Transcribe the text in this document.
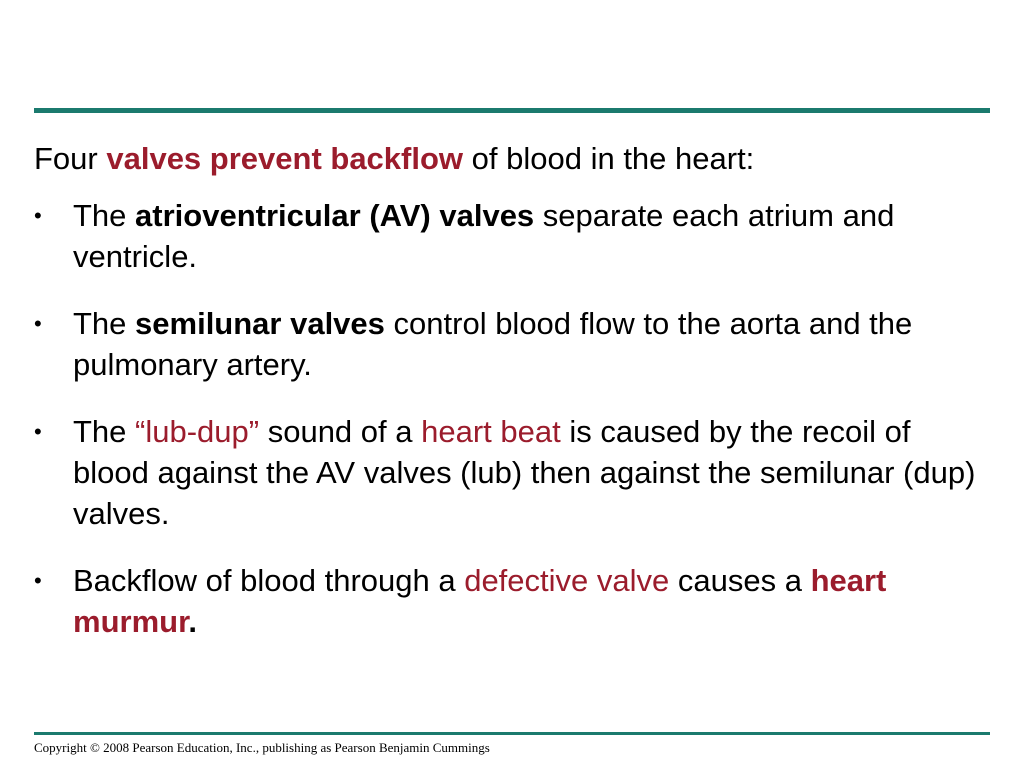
Four valves prevent backflow of blood in the heart:

•	The atrioventricular (AV) valves separate each atrium and ventricle.
•	The semilunar valves control blood flow to the aorta and the pulmonary artery.
•	The “lub-dup” sound of a heart beat is caused by the recoil of blood against the AV valves (lub) then against the semilunar (dup) valves.
•	Backflow of blood through a defective valve causes a heart murmur.
Copyright © 2008 Pearson Education, Inc., publishing as Pearson Benjamin Cummings
